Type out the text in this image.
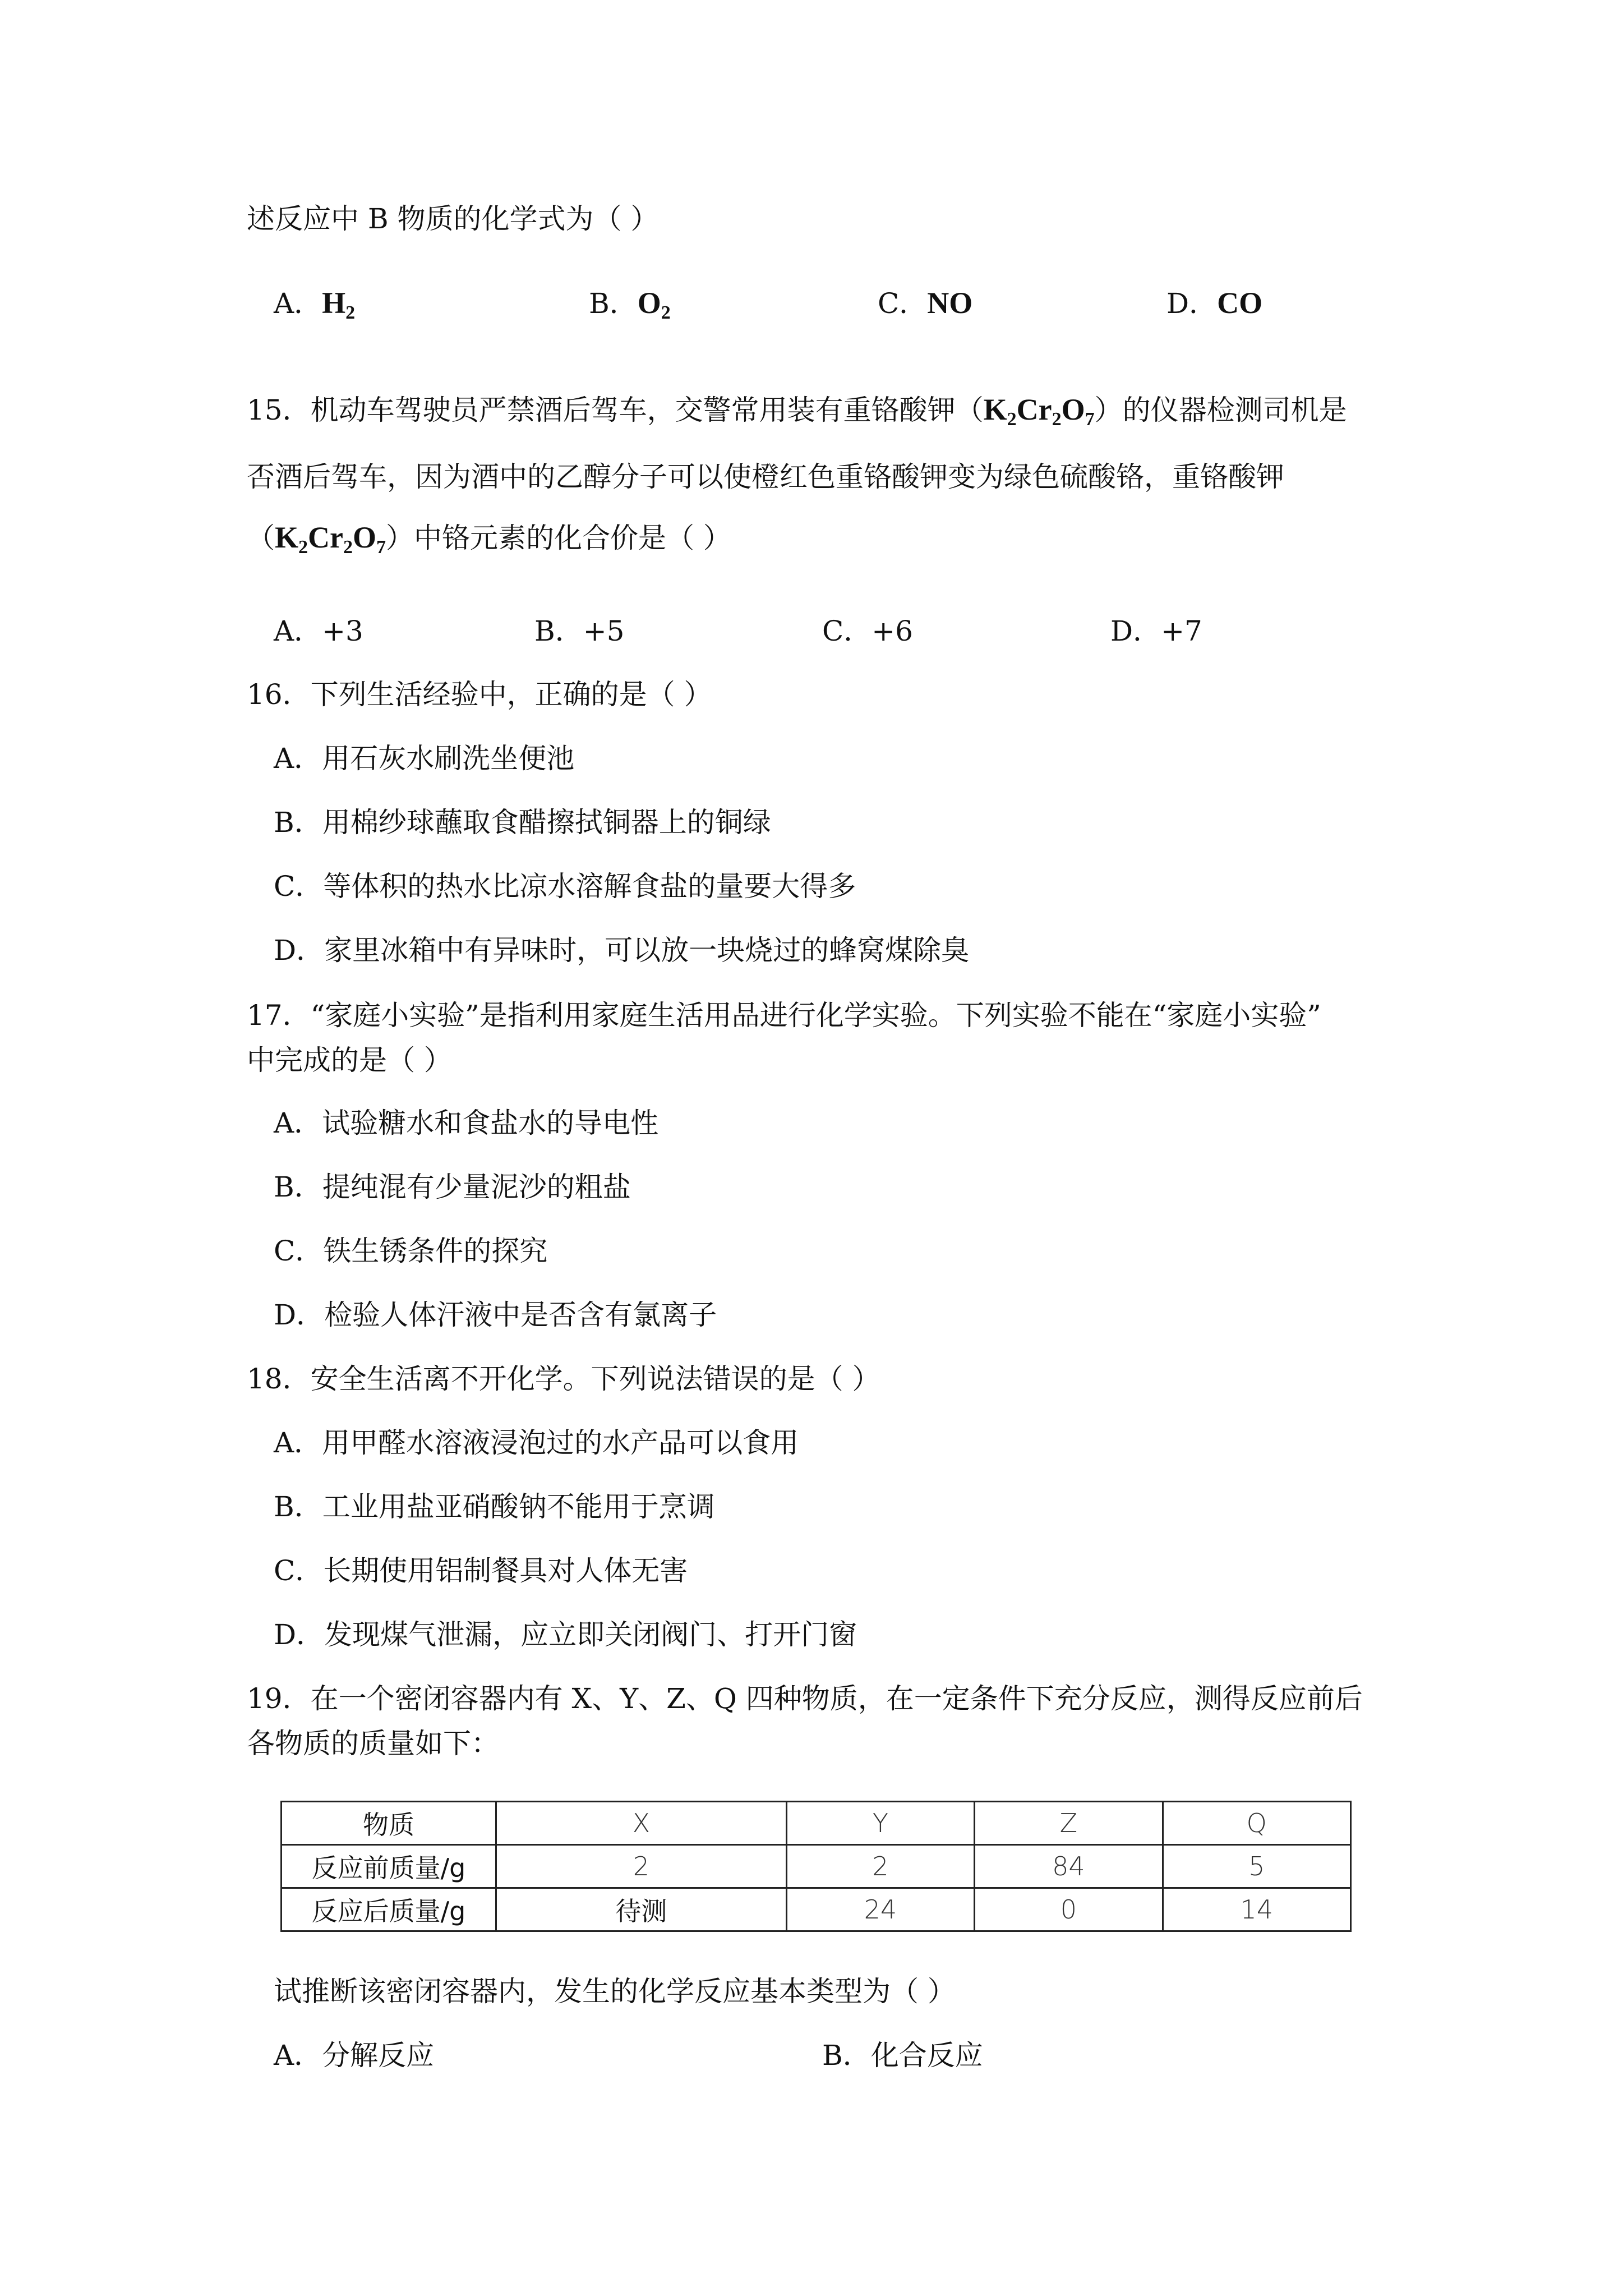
述反应中 B 物质的化学式为（ ）
A．$H_2$	B．$O_2$	C．NO	D．CO
15．机动车驾驶员严禁酒后驾车，交警常用装有重铬酸钾$(K_2Cr_2O_7)$的仪器检测司机是
否酒后驾车，因为酒中的乙醇分子可以使橙红色重铬酸钾变为绿色硫酸铬，重铬酸钾
$(K_2Cr_2O_7)$中铬元素的化合价是（ ）
A．+3	B．+5	C．+6	D．+7
16．下列生活经验中，正确的是（ ）
A．用石灰水刷洗坐便池
B．用棉纱球蘸取食醋擦拭铜器上的铜绿
C．等体积的热水比凉水溶解食盐的量要大得多
D．家里冰箱中有异味时，可以放一块烧过的蜂窝煤除臭
17．“家庭小实验”是指利用家庭生活用品进行化学实验。下列实验不能在“家庭小实验”
中完成的是（ ）
A．试验糖水和食盐水的导电性
B．提纯混有少量泥沙的粗盐
C．铁生锈条件的探究
D．检验人体汗液中是否含有氯离子
18．安全生活离不开化学。下列说法错误的是（ ）
A．用甲醛水溶液浸泡过的水产品可以食用
B．工业用盐亚硝酸钠不能用于烹调
C．长期使用铝制餐具对人体无害
D．发现煤气泄漏，应立即关闭阀门、打开门窗
19．在一个密闭容器内有 X、Y、Z、Q 四种物质，在一定条件下充分反应，测得反应前后
各物质的质量如下：
物质	X	Y	Z	Q
反应前质量/g	2	2	84	5
反应后质量/g	待测	24	0	14
试推断该密闭容器内，发生的化学反应基本类型为（ ）
A．分解反应	B．化合反应
